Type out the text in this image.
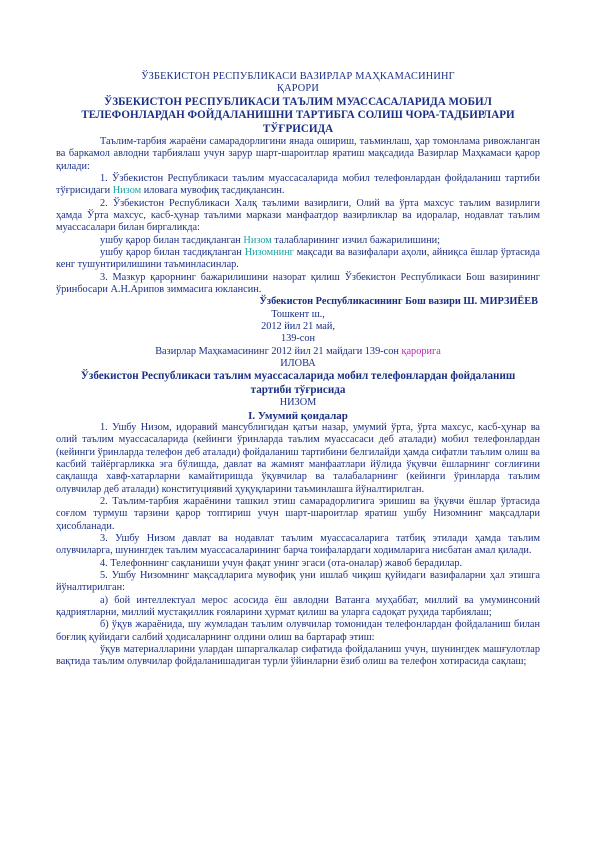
ЎЗБЕКИСТОН РЕСПУБЛИКАСИ ВАЗИРЛАР МАҲКАМАСИНИНГ
ҚАРОРИ
ЎЗБЕКИСТОН РЕСПУБЛИКАСИ ТАЪЛИМ МУАССАСАЛАРИДА МОБИЛ
ТЕЛЕФОНЛАРДАН ФОЙДАЛАНИШНИ ТАРТИБГА СОЛИШ ЧОРА-ТАДБИРЛАРИ
ТЎҒРИСИДА

Таълим-тарбия жараёни самарадорлигини янада ошириш, таъминлаш, ҳар томонлама ривожланган ва баркамол авлодни тарбиялаш учун зарур шарт-шароитлар яратиш мақсадида Вазирлар Маҳкамаси қарор қилади:

1. Ўзбекистон Республикаси таълим муассасаларида мобил телефонлардан фойдаланиш тартиби тўғрисидаги Низом иловага мувофиқ тасдиқлансин.

2. Ўзбекистон Республикаси Халқ таълими вазирлиги, Олий ва ўрта махсус таълим вазирлиги ҳамда Ўрта махсус, касб-ҳунар таълими маркази манфаатдор вазирликлар ва идоралар, нодавлат таълим муассасалари билан биргаликда:

ушбу қарор билан тасдиқланган Низом талабларининг изчил бажарилишини;

ушбу қарор билан тасдиқланган Низомнинг мақсади ва вазифалари аҳоли, айниқса ёшлар ўртасида кенг тушунтирилишини таъминласинлар.

3. Мазкур қарорнинг бажарилишини назорат қилиш Ўзбекистон Республикаси Бош вазирининг ўринбосари А.Н.Арипов зиммасига юклансин.

Ўзбекистон Республикасининг Бош вазири Ш. МИРЗИЁЕВ
Тошкент ш.,
2012 йил 21 май,
139-сон
Вазирлар Маҳкамасининг 2012 йил 21 майдаги 139-сон қарорига
ИЛОВА
Ўзбекистон Республикаси таълим муассасаларида мобил телефонлардан фойдаланиш
тартиби тўғрисида
НИЗОМ
I. Умумий қоидалар

1. Ушбу Низом, идоравий мансублигидан қатъи назар, умумий ўрта, ўрта махсус, касб-ҳунар ва олий таълим муассасаларида (кейинги ўринларда таълим муассасаси деб аталади) мобил телефонлардан (кейинги ўринларда телефон деб аталади) фойдаланиш тартибини белгилайди ҳамда сифатли таълим олиш ва касбий тайёргарликка эга бўлишда, давлат ва жамият манфаатлари йўлида ўқувчи ёшларнинг соғлиғини сақлашда хавф-хатарларни камайтиришда ўқувчилар ва талабаларнинг (кейинги ўринларда таълим олувчилар деб аталади) конституциявий ҳуқуқларини таъминлашга йўналтирилган.

2. Таълим-тарбия жараёнини ташкил этиш самарадорлигига эришиш ва ўқувчи ёшлар ўртасида соғлом турмуш тарзини қарор топтириш учун шарт-шароитлар яратиш ушбу Низомнинг мақсадлари ҳисобланади.

3. Ушбу Низом давлат ва нодавлат таълим муассасаларига татбиқ этилади ҳамда таълим олувчиларга, шунингдек таълим муассасаларининг барча тоифалардаги ходимларига нисбатан амал қилади.

4. Телефоннинг сақланиши учун фақат унинг эгаси (ота-оналар) жавоб берадилар.

5. Ушбу Низомнинг мақсадларига мувофиқ уни ишлаб чиқиш қуйидаги вазифаларни ҳал этишга йўналтирилган:

а) бой интеллектуал мерос асосида ёш авлодни Ватанга муҳаббат, миллий ва умуминсоний қадриятларни, миллий мустақиллик ғояларини ҳурмат қилиш ва уларга садоқат руҳида тарбиялаш;

б) ўқув жараёнида, шу жумладан таълим олувчилар томонидан телефонлардан фойдаланиш билан боғлиқ қуйидаги салбий ҳодисаларнинг олдини олиш ва бартараф этиш:

ўқув материалларини улардан шпаргалкалар сифатида фойдаланиш учун, шунингдек машғулотлар вақтида таълим олувчилар фойдаланишадиган турли ўйинларни ёзиб олиш ва телефон хотирасида сақлаш;
